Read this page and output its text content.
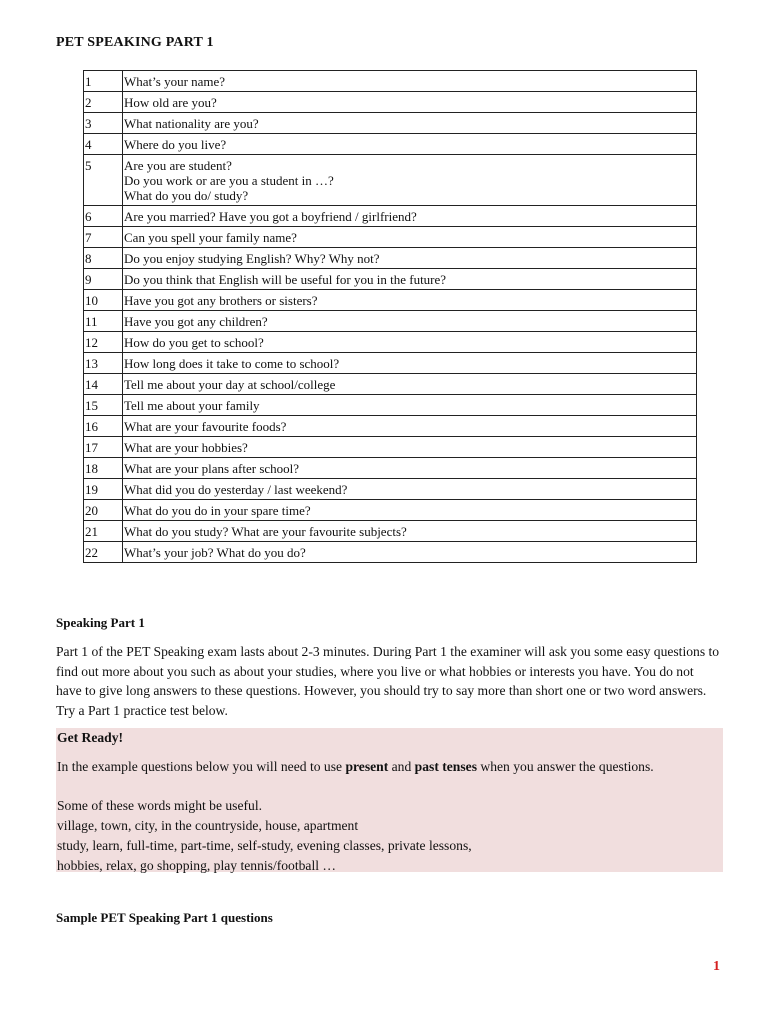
PET SPEAKING PART 1
1	What’s your name?

2	How old are you?

3	What nationality are you?

4	Where do you live?

5	Are you are student?
Do you work or are you a student in …?
What do you do/ study?

6	Are you married? Have you got a boyfriend / girlfriend?

7	Can you spell your family name?

8	Do you enjoy studying English? Why? Why not?

9	Do you think that English will be useful for you in the future?

10	Have you got any brothers or sisters?

11	Have you got any children?

12	How do you get to school?

13	How long does it take to come to school?

14	Tell me about your day at school/college

15	Tell me about your family

16	What are your favourite foods?

17	What are your hobbies?

18	What are your plans after school?

19	What did you do yesterday / last weekend?

20	What do you do in your spare time?

21	What do you study? What are your favourite subjects?

22	What’s your job? What do you do?
Speaking Part 1
Part 1 of the PET Speaking exam lasts about 2-3 minutes. During Part 1 the examiner will ask you some easy questions to find out more about you such as about your studies, where you live or what hobbies or interests you have. You do not have to give long answers to these questions. However, you should try to say more than short one or two word answers. Try a Part 1 practice test below.
Get Ready!
In the example questions below you will need to use present and past tenses when you answer the questions.
Some of these words might be useful.
village, town, city, in the countryside, house, apartment
study, learn, full-time, part-time, self-study, evening classes, private lessons,
hobbies, relax, go shopping, play tennis/football …
Sample PET Speaking Part 1 questions
1
